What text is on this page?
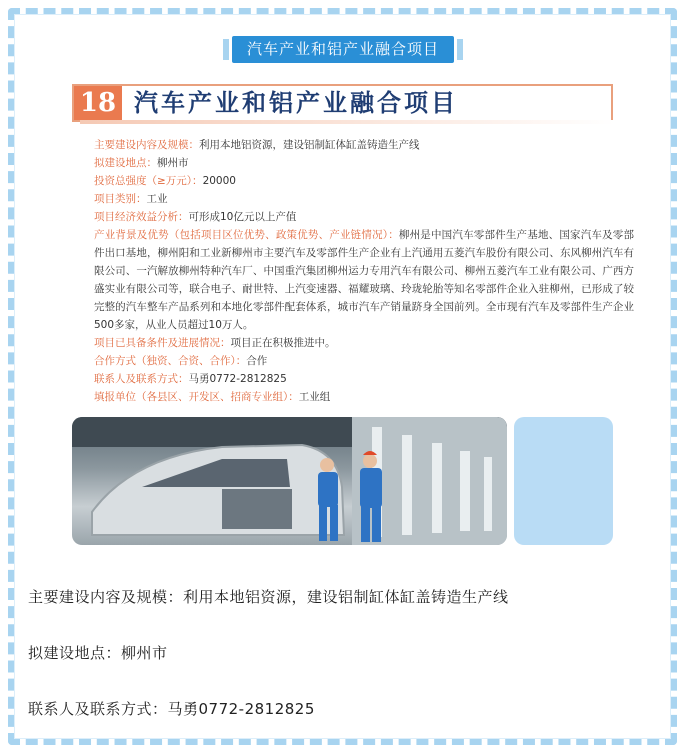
汽车产业和铝产业融合项目
18 汽车产业和铝产业融合项目
主要建设内容及规模：利用本地铝资源，建设铝制缸体缸盖铸造生产线
拟建设地点：柳州市
投资总强度（≥万元）：20000
项目类别：工业
项目经济效益分析：可形成10亿元以上产值
产业背景及优势（包括项目区位优势、政策优势、产业链情况）：柳州是中国汽车零部件生产基地、国家汽车及零部件出口基地，柳州阳和工业新柳州市主要汽车及零部件生产企业有上汽通用五菱汽车股份有限公司、东风柳州汽车有限公司、一汽解放柳州特种汽车厂、中国重汽集团柳州运力专用汽车有限公司、柳州五菱汽车工业有限公司、广西方盛实业有限公司等，联合电子、耐世特、上汽变速器、福耀玻璃、玲珑轮胎等知名零部件企业入驻柳州，已形成了较完整的汽车整车产品系列和本地化零部件配套体系，城市汽车产销量跻身全国前列。全市现有汽车及零部件生产企业500多家，从业人员超过10万人。
项目已具备条件及进展情况：项目正在积极推进中。
合作方式（独资、合资、合作）：合作
联系人及联系方式：马勇0772-2812825
填报单位（各县区、开发区、招商专业组）：工业组
主要建设内容及规模：利用本地铝资源，建设铝制缸体缸盖铸造生产线
拟建设地点：柳州市
联系人及联系方式：马勇0772-2812825
